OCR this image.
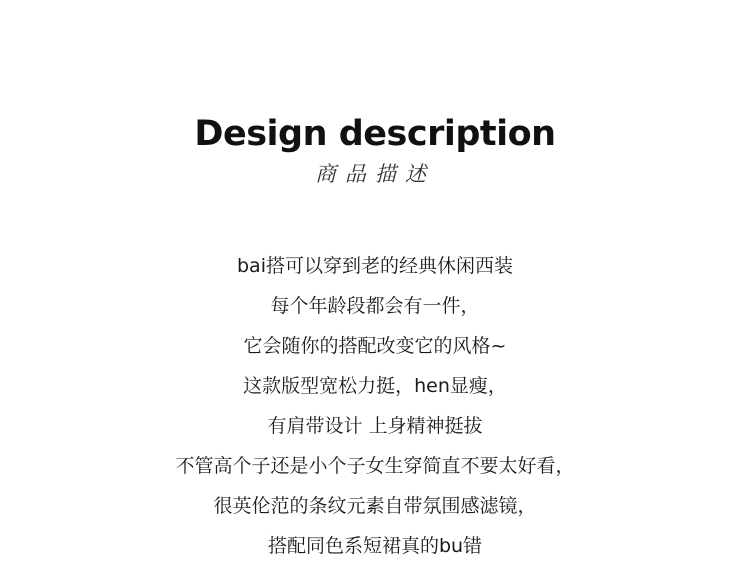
Design description
商品描述
bai搭可以穿到老的经典休闲西装
每个年龄段都会有一件，
它会随你的搭配改变它的风格~
这款版型宽松力挺，hen显瘦，
有肩带设计 上身精神挺拔
不管高个子还是小个子女生穿简直不要太好看，
很英伦范的条纹元素自带氛围感滤镜，
搭配同色系短裙真的bu错
